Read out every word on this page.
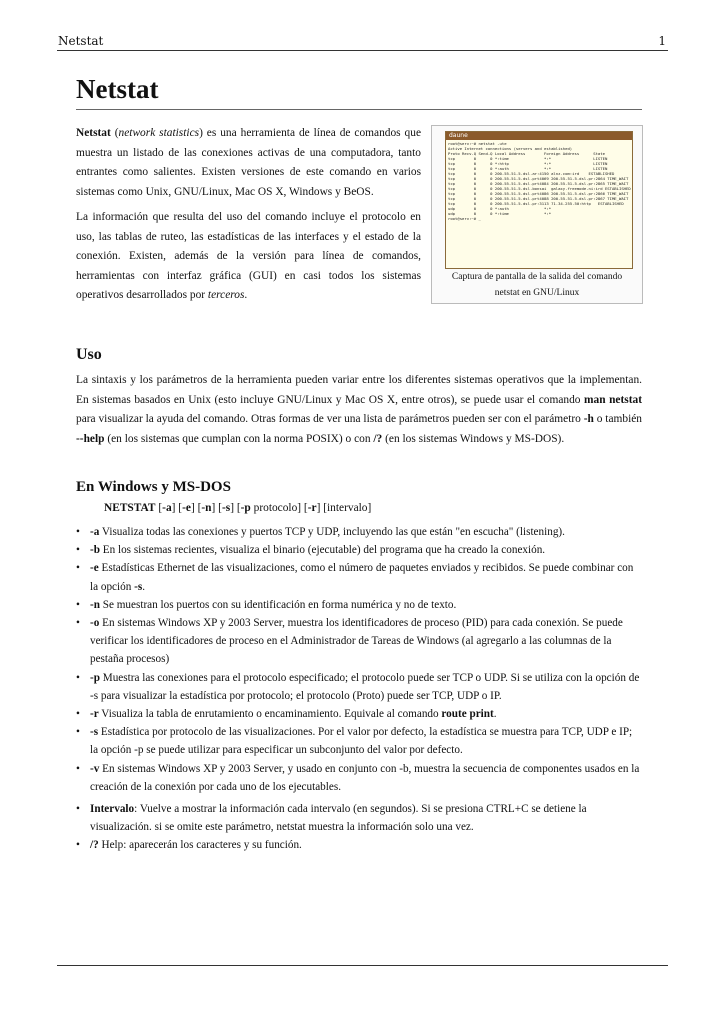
Netstat	1
Netstat

Netstat (network statistics) es una herramienta de línea de comandos que muestra un listado de las conexiones activas de una computadora, tanto entrantes como salientes. Existen versiones de este comando en varios sistemas como Unix, GNU/Linux, Mac OS X, Windows y BeOS.

La información que resulta del uso del comando incluye el protocolo en uso, las tablas de ruteo, las estadísticas de las interfaces y el estado de la conexión. Existen, además de la versión para línea de comandos, herramientas con interfaz gráfica (GUI) en casi todos los sistemas operativos desarrollados por terceros.

daune
root@serv:~# netstat -ute
Active Internet connections (servers and established)
Proto Recv-Q Send-Q Local Address        Foreign Address      State
tcp        0      0 *:time               *:*                  LISTEN
tcp        0      0 *:http               *:*                  LISTEN
tcp        0      0 *:auth               *:*                  LISTEN
tcp        0      0 200-55-51-5.dsl.ar:4150 alnz.com:ird    ESTABLISHED
tcp        0      0 200-55-51-5.dsl.prt4069 200-55-51-5.dsl.pr:2864 TIME_WAIT
tcp        0      0 200-55-51-5.dsl.prt4084 200-55-51-5.dsl.pr:2865 TIME_WAIT
tcp        0      0 200-55-51-5.dsl.bonsai  galaxy.freemode.ni:ird ESTABLISHED
tcp        0      0 200-55-51-5.dsl.prt4086 200-55-51-5.dsl.pr:2866 TIME_WAIT
tcp        0      0 200-55-51-5.dsl.prt4088 200-55-51-5.dsl.pr:2867 TIME_WAIT
tcp        0      0 200-55-51-5.dsl.pr:3113 71.34.255.50:http   ESTABLISHED
udp        0      0 *:auth               *:*
udp        0      0 *:time               *:*
root@serv:~# _
Captura de pantalla de la salida del comando netstat en GNU/Linux
Uso

La sintaxis y los parámetros de la herramienta pueden variar entre los diferentes sistemas operativos que la implementan. En sistemas basados en Unix (esto incluye GNU/Linux y Mac OS X, entre otros), se puede usar el comando man netstat para visualizar la ayuda del comando. Otras formas de ver una lista de parámetros pueden ser con el parámetro -h o también --help (en los sistemas que cumplan con la norma POSIX) o con /? (en los sistemas Windows y MS-DOS).

En Windows y MS-DOS
NETSTAT [-a] [-e] [-n] [-s] [-p protocolo] [-r] [intervalo]
• -a Visualiza todas las conexiones y puertos TCP y UDP, incluyendo las que están "en escucha" (listening).
• -b En los sistemas recientes, visualiza el binario (ejecutable) del programa que ha creado la conexión.
• -e Estadísticas Ethernet de las visualizaciones, como el número de paquetes enviados y recibidos. Se puede combinar con la opción -s.
• -n Se muestran los puertos con su identificación en forma numérica y no de texto.
• -o En sistemas Windows XP y 2003 Server, muestra los identificadores de proceso (PID) para cada conexión. Se puede verificar los identificadores de proceso en el Administrador de Tareas de Windows (al agregarlo a las columnas de la pestaña procesos)
• -p Muestra las conexiones para el protocolo especificado; el protocolo puede ser TCP o UDP. Si se utiliza con la opción de -s para visualizar la estadística por protocolo; el protocolo (Proto) puede ser TCP, UDP o IP.
• -r Visualiza la tabla de enrutamiento o encaminamiento. Equivale al comando route print.
• -s Estadística por protocolo de las visualizaciones. Por el valor por defecto, la estadística se muestra para TCP, UDP e IP; la opción -p se puede utilizar para especificar un subconjunto del valor por defecto.
• -v En sistemas Windows XP y 2003 Server, y usado en conjunto con -b, muestra la secuencia de componentes usados en la creación de la conexión por cada uno de los ejecutables.
• Intervalo: Vuelve a mostrar la información cada intervalo (en segundos). Si se presiona CTRL+C se detiene la visualización. si se omite este parámetro, netstat muestra la información solo una vez.
• /? Help: aparecerán los caracteres y su función.
